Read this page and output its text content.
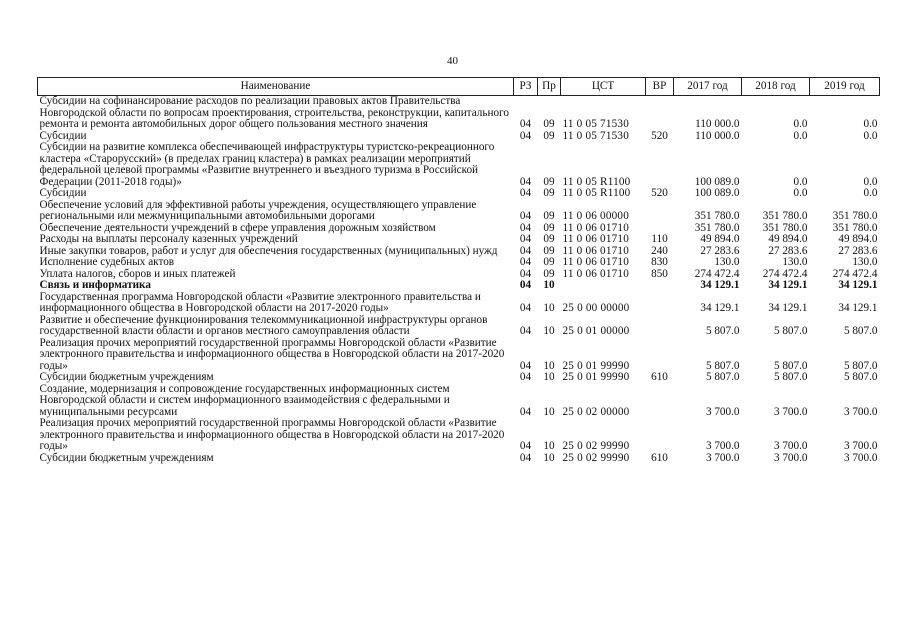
40
Наименование	РЗ	Пр	ЦСТ	ВР	2017 год	2018 год	2019 год
Субсидии на софинансирование расходов по реализации правовых актов Правительства Новгородской области по вопросам проектирования, строительства, реконструкции, капитального ремонта и ремонта автомобильных дорог общего пользования местного значения	04	09	11 0 05 71530		110 000.0	0.0	0.0
Субсидии	04	09	11 0 05 71530	520	110 000.0	0.0	0.0
Субсидии на развитие комплекса обеспечивающей инфраструктуры туристско-рекреационного кластера «Старорусский» (в пределах границ кластера) в рамках реализации мероприятий федеральной целевой программы «Развитие внутреннего и въездного туризма в Российской Федерации (2011-2018 годы)»	04	09	11 0 05 R1100		100 089.0	0.0	0.0
Субсидии	04	09	11 0 05 R1100	520	100 089.0	0.0	0.0
Обеспечение условий для эффективной работы учреждения, осуществляющего управление региональными или межмуниципальными автомобильными дорогами	04	09	11 0 06 00000		351 780.0	351 780.0	351 780.0
Обеспечение деятельности учреждений в сфере управления дорожным хозяйством	04	09	11 0 06 01710		351 780.0	351 780.0	351 780.0
Расходы на выплаты персоналу казенных учреждений	04	09	11 0 06 01710	110	49 894.0	49 894.0	49 894.0
Иные закупки товаров, работ и услуг для обеспечения государственных (муниципальных) нужд	04	09	11 0 06 01710	240	27 283.6	27 283.6	27 283.6
Исполнение судебных актов	04	09	11 0 06 01710	830	130.0	130.0	130.0
Уплата налогов, сборов и иных платежей	04	09	11 0 06 01710	850	274 472.4	274 472.4	274 472.4
Связь и информатика	04	10			34 129.1	34 129.1	34 129.1
Государственная программа Новгородской области «Развитие электронного правительства и информационного общества в Новгородской области на 2017-2020 годы»	04	10	25 0 00 00000		34 129.1	34 129.1	34 129.1
Развитие и обеспечение функционирования телекоммуникационной инфраструктуры органов государственной власти области и органов местного самоуправления области	04	10	25 0 01 00000		5 807.0	5 807.0	5 807.0
Реализация прочих мероприятий государственной программы Новгородской области «Развитие электронного правительства и информационного общества в Новгородской области на 2017-2020 годы»	04	10	25 0 01 99990		5 807.0	5 807.0	5 807.0
Субсидии бюджетным учреждениям	04	10	25 0 01 99990	610	5 807.0	5 807.0	5 807.0
Создание, модернизация и сопровождение государственных информационных систем Новгородской области и систем информационного взаимодействия с федеральными и муниципальными ресурсами	04	10	25 0 02 00000		3 700.0	3 700.0	3 700.0
Реализация прочих мероприятий государственной программы Новгородской области «Развитие электронного правительства и информационного общества в Новгородской области на 2017-2020 годы»	04	10	25 0 02 99990		3 700.0	3 700.0	3 700.0
Субсидии бюджетным учреждениям	04	10	25 0 02 99990	610	3 700.0	3 700.0	3 700.0
